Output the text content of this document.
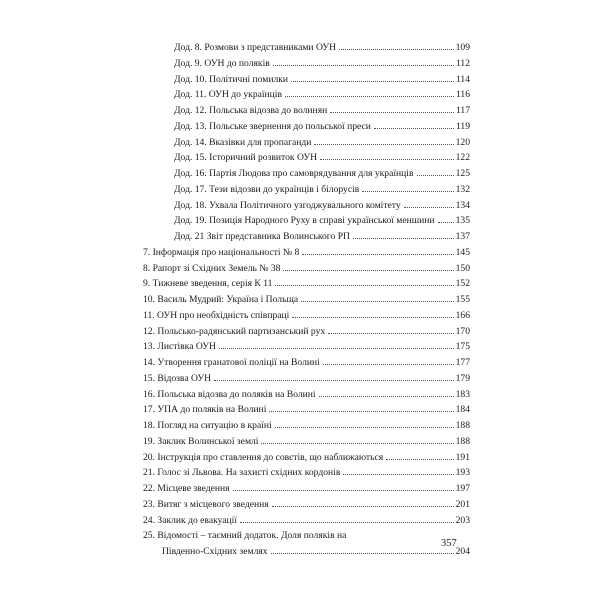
Дод. 8. Розмови з представниками ОУН	109
Дод. 9. ОУН до поляків	112
Дод. 10. Політичні помилки	114
Дод. 11. ОУН до українців	116
Дод. 12. Польська відозва до волинян	117
Дод. 13. Польське звернення до польської преси	119
Дод. 14. Вказівки для пропаганди	120
Дод. 15. Історичний розвиток ОУН	122
Дод. 16. Партія Людова про самоврядування для українців	125
Дод. 17. Тези відозви до українців і білорусів	132
Дод. 18. Ухвала Політичного узгоджувального комітету	134
Дод. 19. Позиція Народного Руху в справі української меншини 135
Дод. 21 Звіт представника Волинського РП	137
7. Інформація про національності № 8	145
8. Рапорт зі Східних Земель № 38	150
9. Тижневе зведення, серія К 11	152
10. Василь Мудрий: Україна і Польща	155
11. ОУН про необхідність співпраці	166
12. Польсько-радянський партизанський рух	170
13. Листівка ОУН	175
14. Утворення гранатової поліції на Волині	177
15. Відозва ОУН	179
16. Польська відозва до поляків на Волині	183
17. УПА до поляків на Волині	184
18. Погляд на ситуацію в країні	188
19. Заклик Волинської землі	188
20. Інструкція про ставлення до совєтів, що наближаються	191
21. Голос зі Львова. На захисті східних кордонів	193
22. Місцеве зведення	197
23. Витяг з місцевого зведення	201
24. Заклик до евакуації	203
25. Відомості – таємний додаток. Доля поляків на
Південно-Східних землях	204
357
